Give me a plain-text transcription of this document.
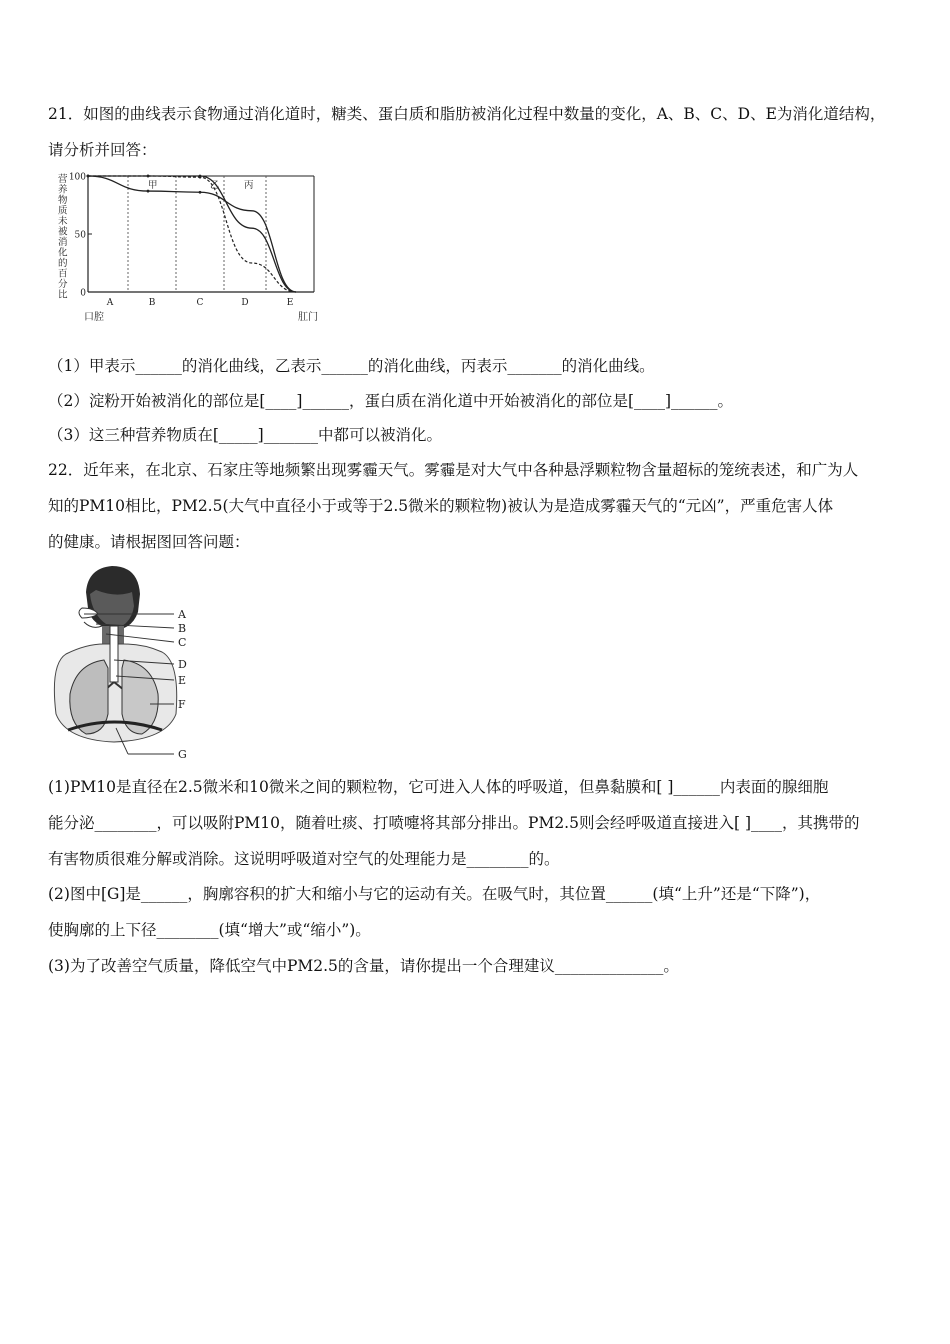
21．如图的曲线表示食物通过消化道时，糖类、蛋白质和脂肪被消化过程中数量的变化，A、B、C、D、E为消化道结构，
请分析并回答：
营
养
物
质
未
被
消
化
的
百
分
比
100
50
0
A	B	C	D	E
甲	乙	丙
口腔	肛门
（1）甲表示______的消化曲线，乙表示______的消化曲线，丙表示_______的消化曲线。
（2）淀粉开始被消化的部位是[____]______，蛋白质在消化道中开始被消化的部位是[____]______。
（3）这三种营养物质在[_____]_______中都可以被消化。
22．近年来，在北京、石家庄等地频繁出现雾霾天气。雾霾是对大气中各种悬浮颗粒物含量超标的笼统表述，和广为人
知的PM10相比，PM2.5(大气中直径小于或等于2.5微米的颗粒物)被认为是造成雾霾天气的“元凶”，严重危害人体
的健康。请根据图回答问题：
A
B
C
D
E
F
G
(1)PM10是直径在2.5微米和10微米之间的颗粒物，它可进入人体的呼吸道，但鼻黏膜和[ ]______内表面的腺细胞
能分泌________，可以吸附PM10，随着吐痰、打喷嚏将其部分排出。PM2.5则会经呼吸道直接进入[ ]____，其携带的
有害物质很难分解或消除。这说明呼吸道对空气的处理能力是________的。
(2)图中[G]是______，胸廓容积的扩大和缩小与它的运动有关。在吸气时，其位置______(填“上升”还是“下降”)，
使胸廓的上下径________(填“增大”或“缩小”)。
(3)为了改善空气质量，降低空气中PM2.5的含量，请你提出一个合理建议______________。
